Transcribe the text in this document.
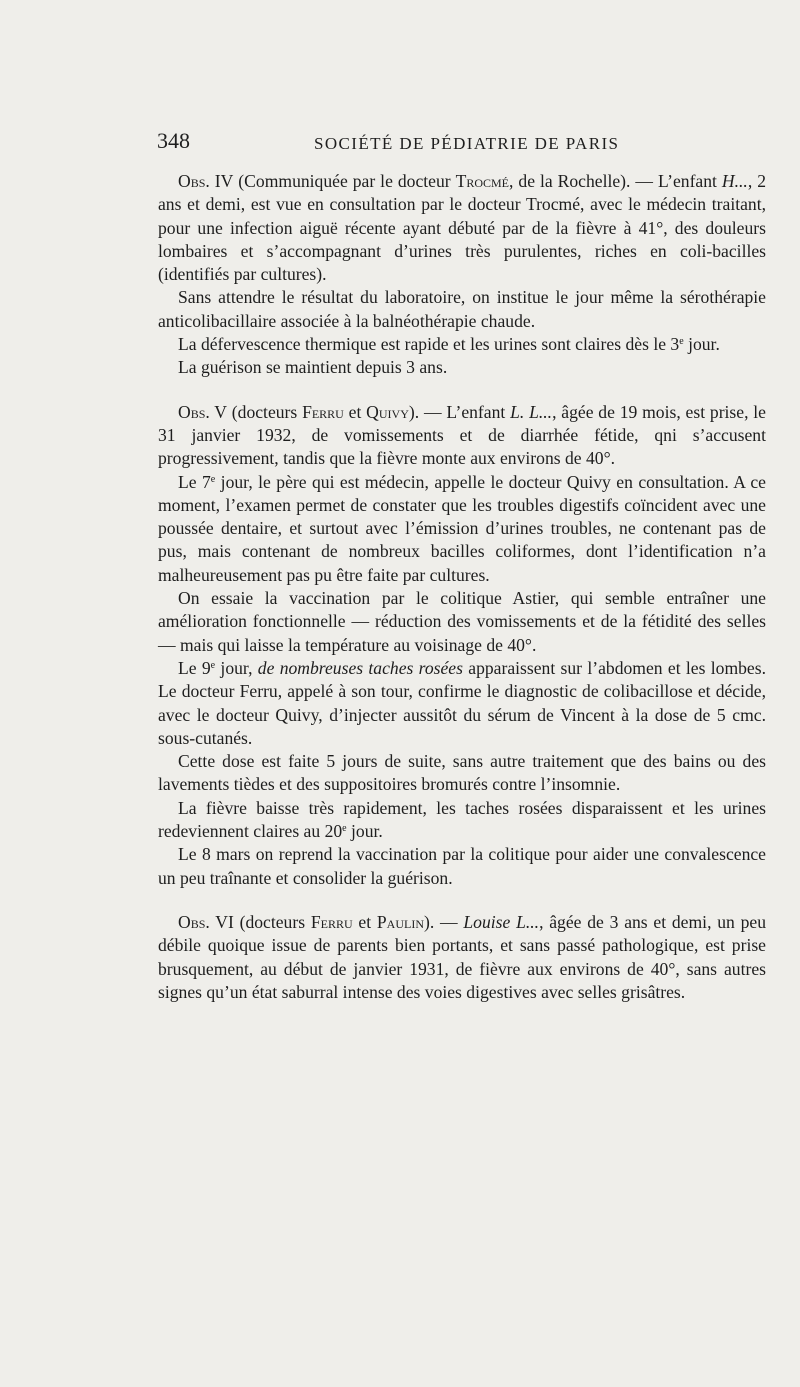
348	SOCIÉTÉ DE PÉDIATRIE DE PARIS

Obs. IV (Communiquée par le docteur Trocmé, de la Rochelle). — L’enfant H..., 2 ans et demi, est vue en consultation par le docteur Trocmé, avec le médecin traitant, pour une infection aiguë récente ayant débuté par de la fièvre à 41°, des douleurs lombaires et s’accompagnant d’urines très purulentes, riches en coli-bacilles (identifiés par cultures).

Sans attendre le résultat du laboratoire, on institue le jour même la sérothérapie anticolibacillaire associée à la balnéothérapie chaude.

La défervescence thermique est rapide et les urines sont claires dès le 3e jour.

La guérison se maintient depuis 3 ans.

Obs. V (docteurs Ferru et Quivy). — L’enfant L. L..., âgée de 19 mois, est prise, le 31 janvier 1932, de vomissements et de diarrhée fétide, qni s’accusent progressivement, tandis que la fièvre monte aux environs de 40°.

Le 7e jour, le père qui est médecin, appelle le docteur Quivy en consultation. A ce moment, l’examen permet de constater que les troubles digestifs coïncident avec une poussée dentaire, et surtout avec l’émission d’urines troubles, ne contenant pas de pus, mais contenant de nombreux bacilles coliformes, dont l’identification n’a malheureusement pas pu être faite par cultures.

On essaie la vaccination par le colitique Astier, qui semble entraîner une amélioration fonctionnelle — réduction des vomissements et de la fétidité des selles — mais qui laisse la température au voisinage de 40°.

Le 9e jour, de nombreuses taches rosées apparaissent sur l’abdomen et les lombes. Le docteur Ferru, appelé à son tour, confirme le diagnostic de colibacillose et décide, avec le docteur Quivy, d’injecter aussitôt du sérum de Vincent à la dose de 5 cmc. sous-cutanés.

Cette dose est faite 5 jours de suite, sans autre traitement que des bains ou des lavements tièdes et des suppositoires bromurés contre l’insomnie.

La fièvre baisse très rapidement, les taches rosées disparaissent et les urines redeviennent claires au 20e jour.

Le 8 mars on reprend la vaccination par la colitique pour aider une convalescence un peu traînante et consolider la guérison.

Obs. VI (docteurs Ferru et Paulin). — Louise L..., âgée de 3 ans et demi, un peu débile quoique issue de parents bien portants, et sans passé pathologique, est prise brusquement, au début de janvier 1931, de fièvre aux environs de 40°, sans autres signes qu’un état saburral intense des voies digestives avec selles grisâtres.
